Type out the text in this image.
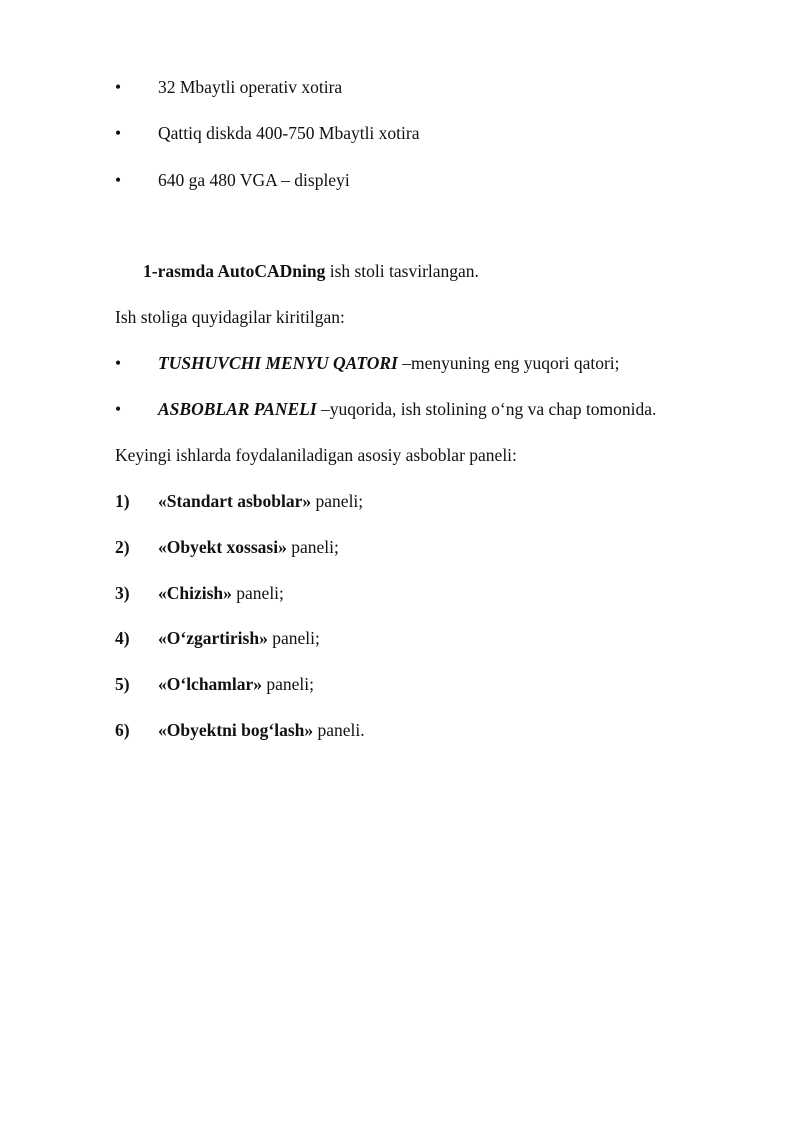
• 32 Mbaytli operativ xotira
• Qattiq diskda 400-750 Mbaytli xotira
• 640 ga 480 VGA – displeyi
1-rasmda AutoCADning ish stoli tasvirlangan.
Ish stoliga quyidagilar kiritilgan:
• TUSHUVCHI MENYU QATORI –menyuning eng yuqori qatori;
• ASBOBLAR PANELI –yuqorida, ish stolining o‘ng va chap tomonida.
Keyingi ishlarda foydalaniladigan asosiy asboblar paneli:
1) «Standart asboblar» paneli;
2) «Obyekt xossasi» paneli;
3) «Chizish» paneli;
4) «O‘zgartirish» paneli;
5) «O‘lchamlar» paneli;
6) «Obyektni bog‘lash» paneli.
